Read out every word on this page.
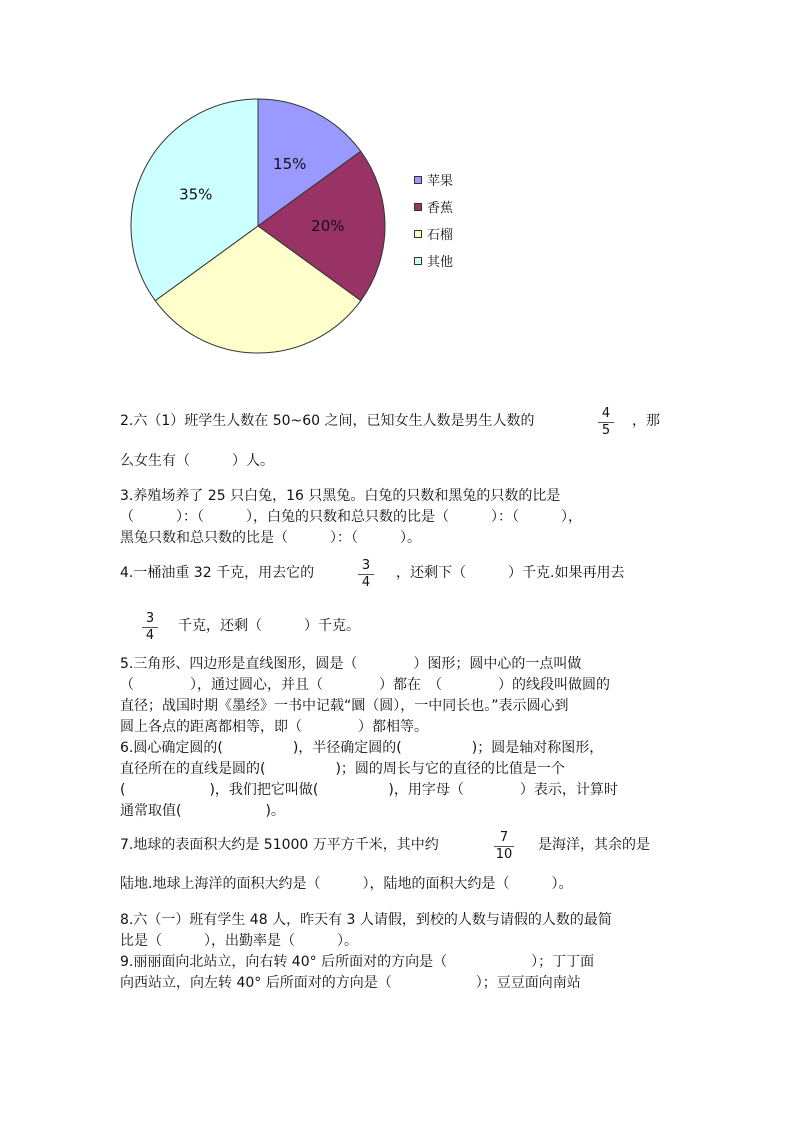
15%
20%
35%
苹果
香蕉
石榴
其他
2.六（1）班学生人数在 50~60 之间，已知女生人数是男生人数的	4
5
，那
么女生有（　　　）人。
3.养殖场养了 25 只白兔，16 只黑兔。白兔的只数和黑兔的只数的比是
（　　　）：（　　　），白兔的只数和总只数的比是（　　　）：（　　　），
黑兔只数和总只数的比是（　　　）：（　　　）。
4.一桶油重 32 千克，用去它的	3
4
，还剩下（　　　）千克.如果再用去
3
4
千克，还剩（　　　）千克。
5.三角形、四边形是直线图形，圆是（　　　　）图形；圆中心的一点叫做
（　　　　），通过圆心，并且（　　　　）都在　（　　　　）的线段叫做圆的
直径；战国时期《墨经》一书中记载“圜（圆），一中同长也。”表示圆心到
圆上各点的距离都相等，即（　　　　）都相等。
6.圆心确定圆的(　　　　　)，半径确定圆的(　　　　　)；圆是轴对称图形，
直径所在的直线是圆的(　　　　　)；圆的周长与它的直径的比值是一个
(　　　　　　)，我们把它叫做(　　　　　)，用字母（　　　　）表示，计算时
通常取值(　　　　　　)。
7.地球的表面积大约是 51000 万平方千米，其中约	7
10
是海洋，其余的是
陆地.地球上海洋的面积大约是（　　　），陆地的面积大约是（　　　）。
8.六（一）班有学生 48 人，昨天有 3 人请假，到校的人数与请假的人数的最简
比是（　　　），出勤率是（　　　）。
9.丽丽面向北站立，向右转 40° 后所面对的方向是（　　　　　　）；丁丁面
向西站立，向左转 40° 后所面对的方向是（　　　　　　）；豆豆面向南站
